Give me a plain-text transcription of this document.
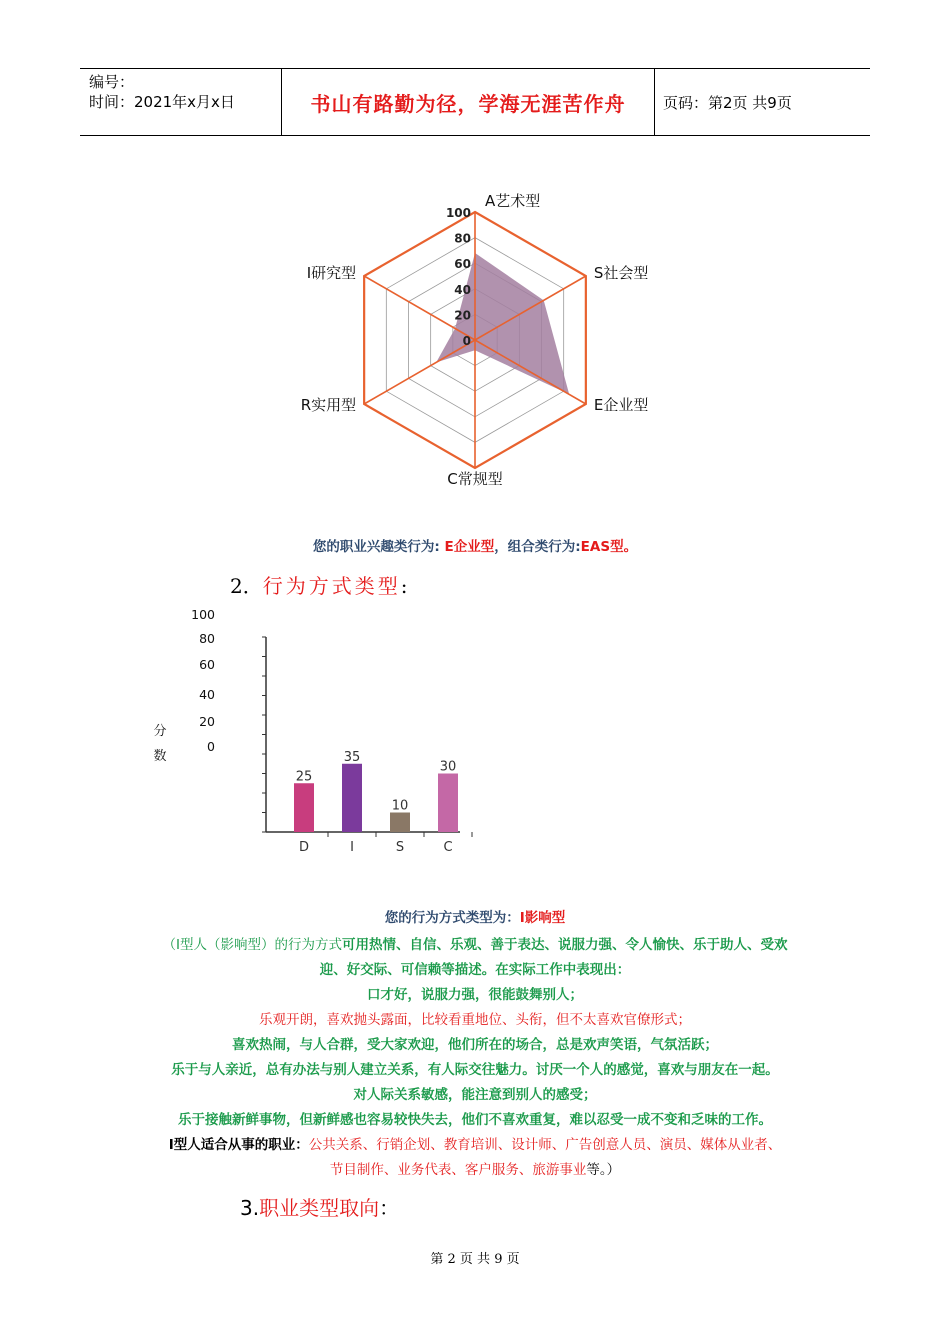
编号：
时间：2021年x月x日	书山有路勤为径，学海无涯苦作舟	页码：第2页 共9页
100
80
60
40
20
0
A艺术型
S社会型
E企业型
C常规型
R实用型
I研究型
您的职业兴趣类行为: E企业型，组合类行为:EAS型。
2．行为方式类型:
100
80
60
40
20
0
分
数
25
D
35
I
10
S
30
C
您的行为方式类型为：I影响型
（I型人（影响型）的行为方式可用热情、自信、乐观、善于表达、说服力强、令人愉快、乐于助人、受欢
迎、好交际、可信赖等描述。在实际工作中表现出：
口才好，说服力强，很能鼓舞别人；
乐观开朗，喜欢抛头露面，比较看重地位、头衔，但不太喜欢官僚形式；
喜欢热闹，与人合群，受大家欢迎，他们所在的场合，总是欢声笑语，气氛活跃；
乐于与人亲近，总有办法与别人建立关系，有人际交往魅力。讨厌一个人的感觉，喜欢与朋友在一起。
对人际关系敏感，能注意到别人的感受；
乐于接触新鲜事物，但新鲜感也容易较快失去，他们不喜欢重复，难以忍受一成不变和乏味的工作。
I型人适合从事的职业：公共关系、行销企划、教育培训、设计师、广告创意人员、演员、媒体从业者、
节目制作、业务代表、客户服务、旅游事业等。）
3.职业类型取向：
第 2 页 共 9 页
